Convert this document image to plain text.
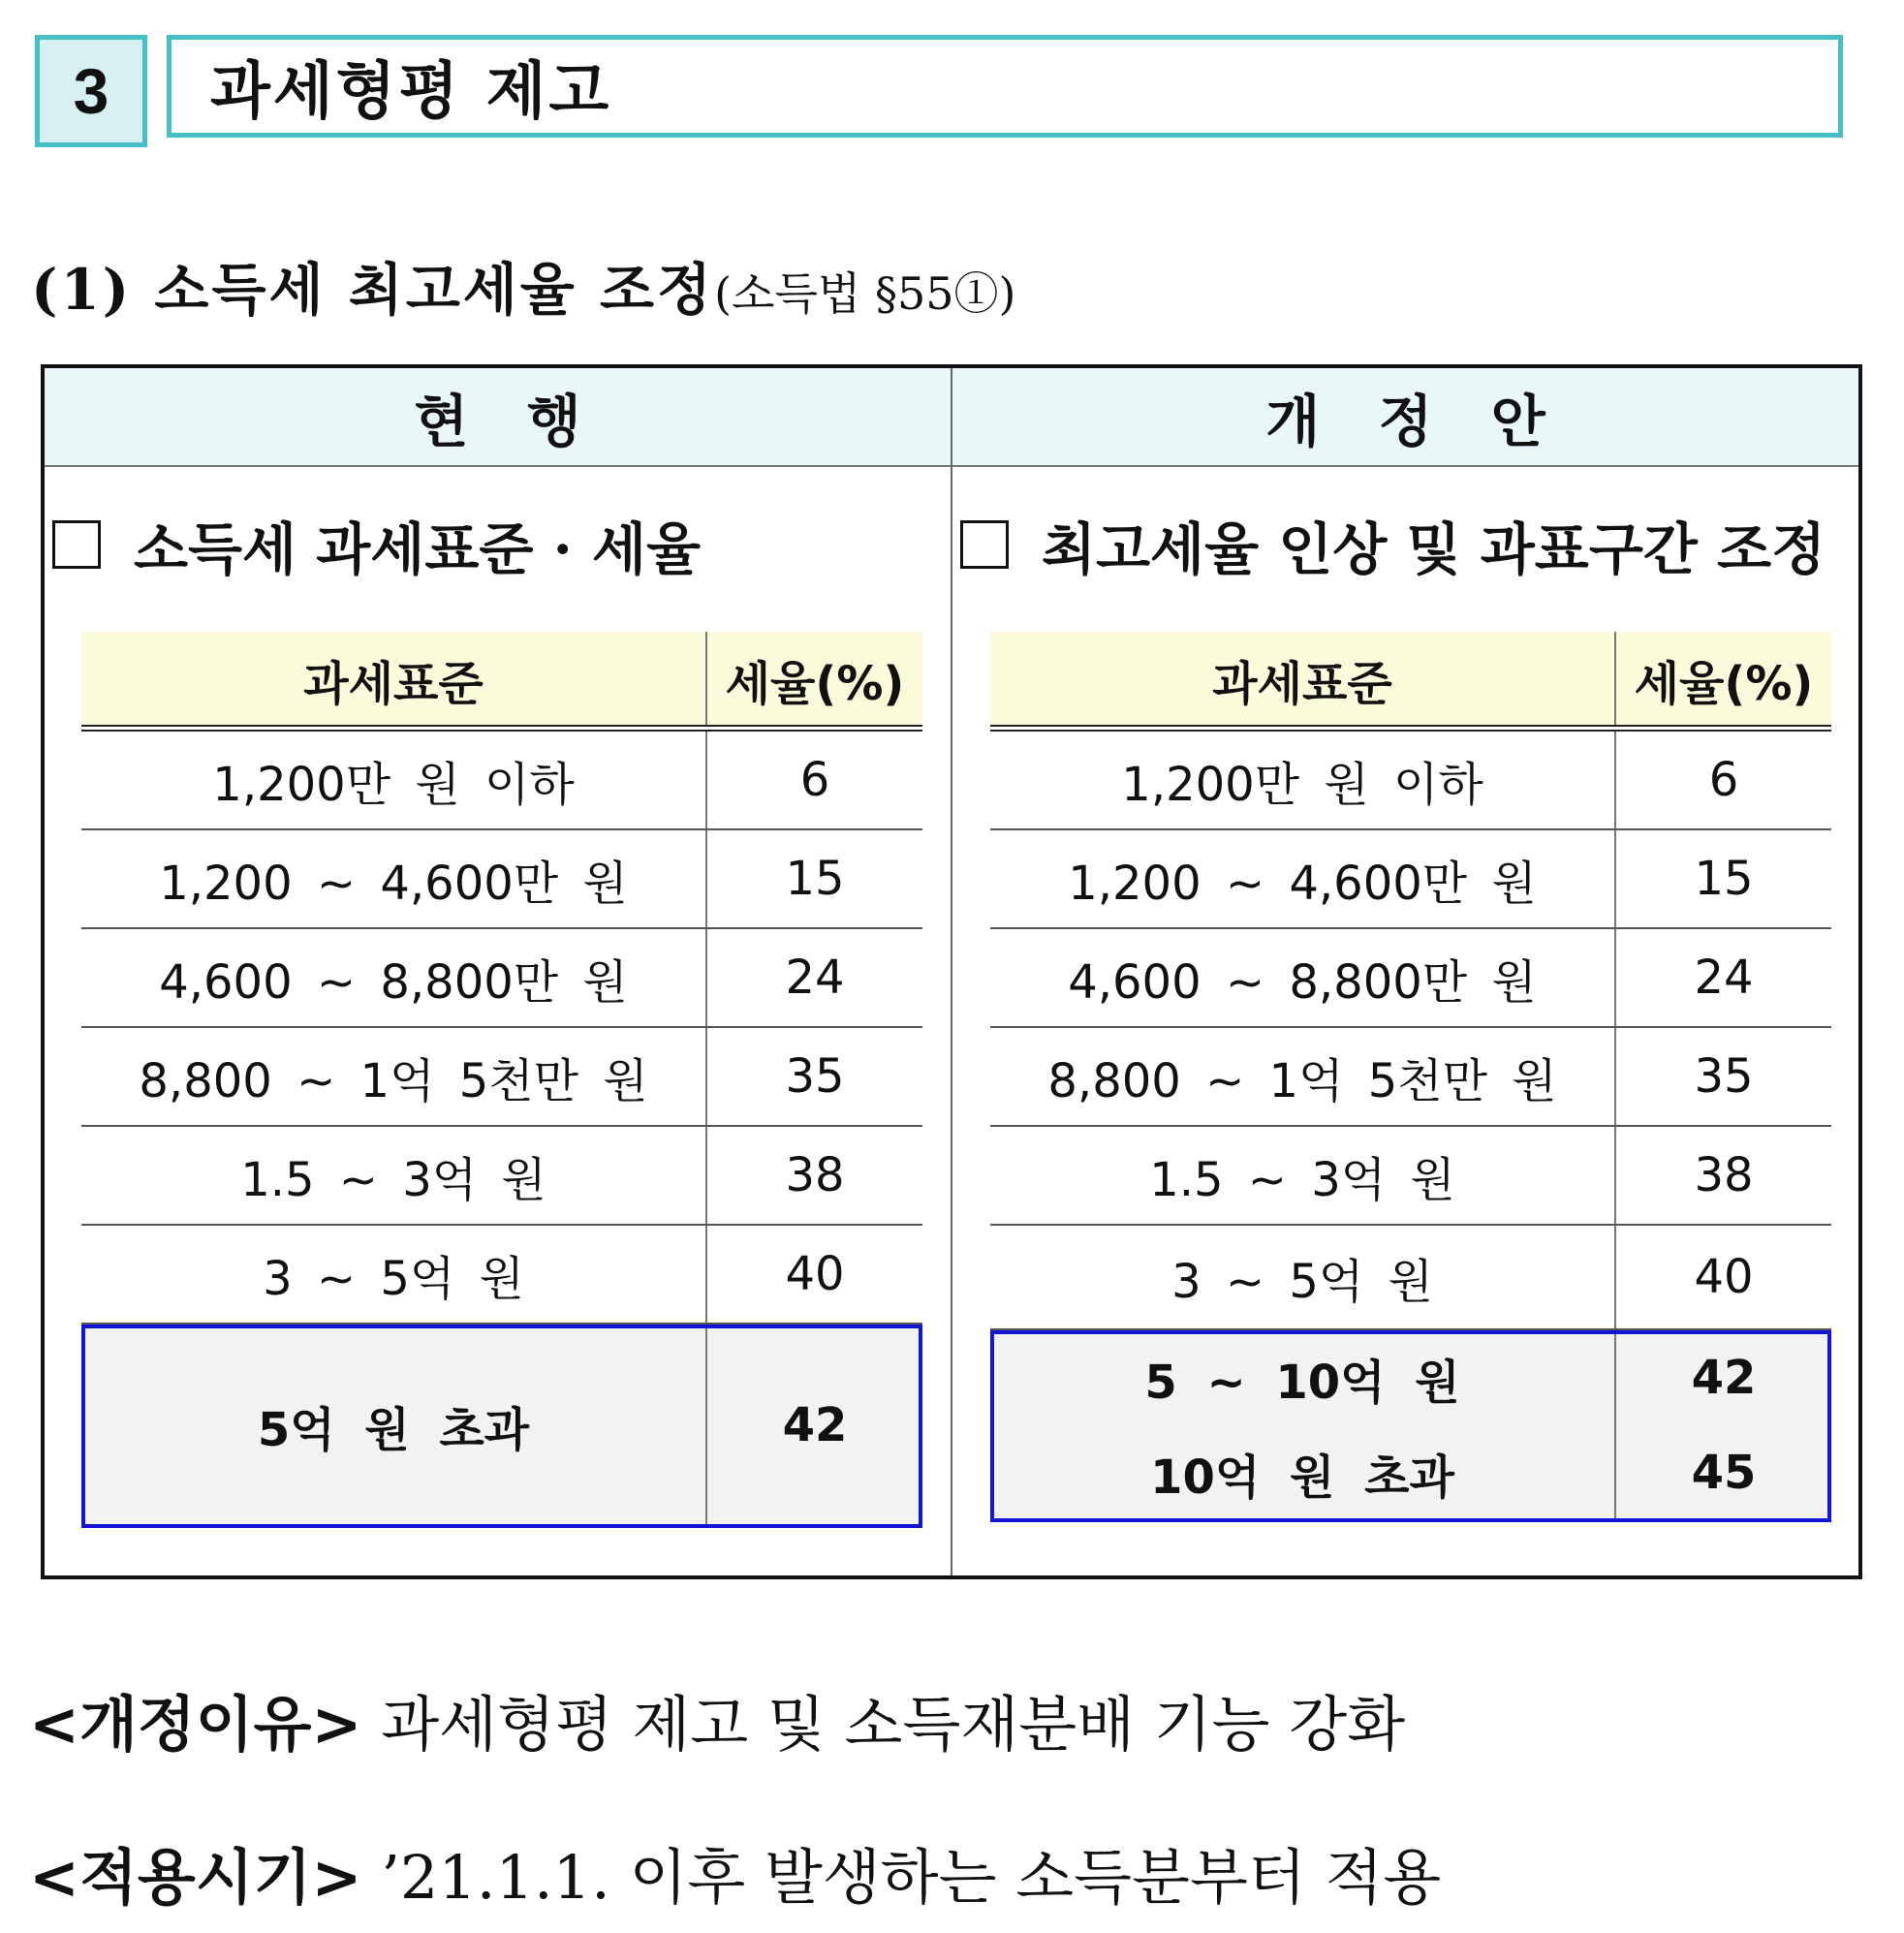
3	과세형평 제고
(1) 소득세 최고세율 조정(소득법 §55①)
현 행	개 정 안
소득세 과세표준 · 세율	최고세율 인상 및 과표구간 조정
과세표준	세율(%)
1,200만 원 이하	6
1,200 ~ 4,600만 원	15
4,600 ~ 8,800만 원	24
8,800 ~ 1억 5천만 원	35
1.5 ~ 3억 원	38
3 ~ 5억 원	40
5억 원 초과	42
과세표준	세율(%)
1,200만 원 이하	6
1,200 ~ 4,600만 원	15
4,600 ~ 8,800만 원	24
8,800 ~ 1억 5천만 원	35
1.5 ~ 3억 원	38
3 ~ 5억 원	40
5 ~ 10억 원	42
10억 원 초과	45
<개정이유> 과세형평 제고 및 소득재분배 기능 강화
<적용시기> ’21.1.1. 이후 발생하는 소득분부터 적용
